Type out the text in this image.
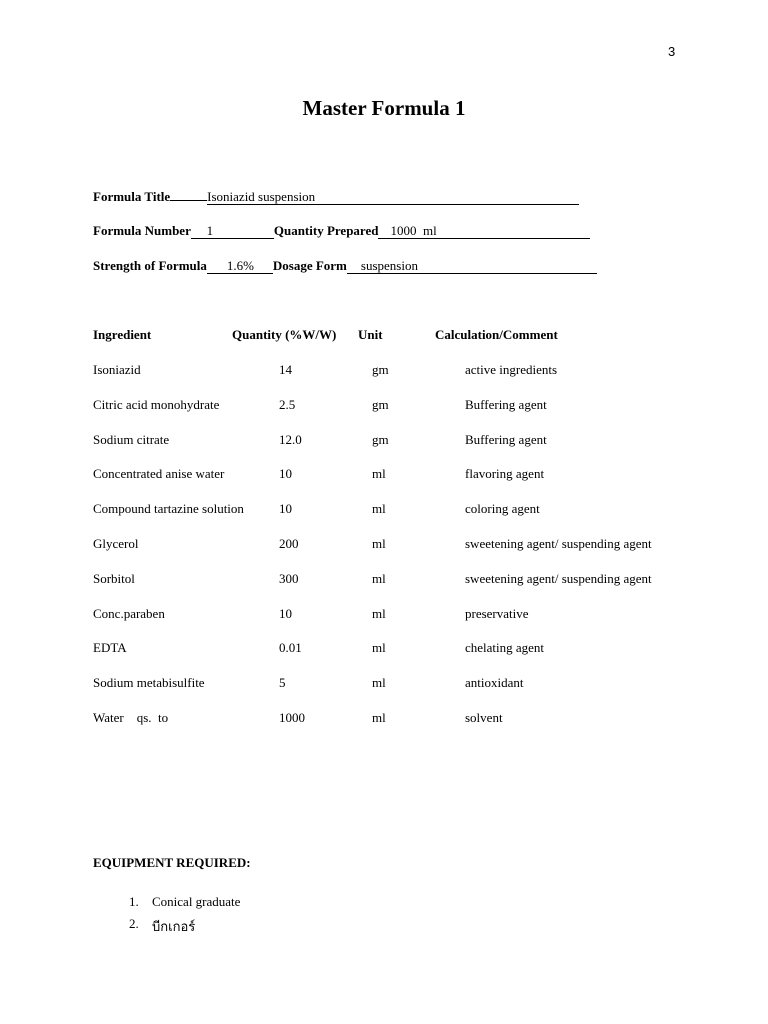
3
Master Formula 1
Formula Title	Isoniazid suspension
Formula Number 1	Quantity Prepared 1000  ml
Strength of Formula 1.6% Dosage Form suspension
Ingredient	Quantity (%W/W) Unit	Calculation/Comment
Isoniazid	14	gm	active ingredients
Citric acid monohydrate	2.5	gm	Buffering agent
Sodium citrate	12.0	gm	Buffering agent
Concentrated anise water	10	ml	flavoring agent
Compound tartazine solution	10	ml	coloring agent
Glycerol	200	ml	sweetening agent/ suspending agent
Sorbitol	300	ml	sweetening agent/ suspending agent
Conc.paraben	10	ml	preservative
EDTA	0.01	ml	chelating agent
Sodium metabisulfite	5	ml	antioxidant
Water    qs.  to	1000	ml	solvent
EQUIPMENT REQUIRED:
1. Conical graduate
2. บีกเกอร์
